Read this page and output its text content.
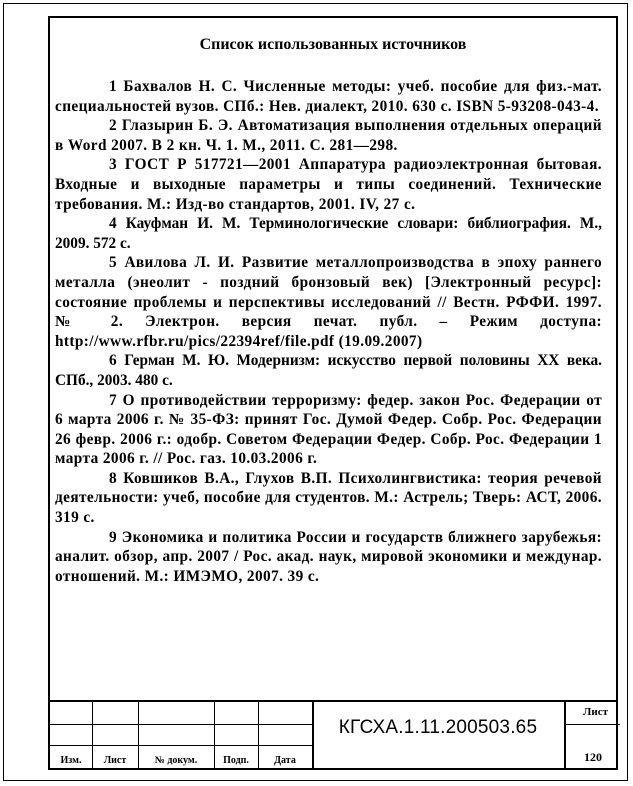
Список использованных источников

1 Бахвалов Н. С. Численные методы: учеб. пособие для физ.-мат. специальностей вузов. СПб.: Нев. диалект, 2010. 630 с. ISBN 5-93208-043-4.

2 Глазырин Б. Э. Автоматизация выполнения отдельных операций в Word 2007. В 2 кн. Ч. 1. М., 2011. С. 281—298.

3 ГОСТ Р 517721—2001 Аппаратура радиоэлектронная бытовая. Входные и выходные параметры и типы соединений. Технические требования. М.: Изд-во стандартов, 2001. IV, 27 с.

4 Кауфман И. М. Терминологические словари: библиография. М., 2009. 572 с.

5 Авилова Л. И. Развитие металлопроизводства в эпоху раннего металла (энеолит - поздний бронзовый век) [Электронный ресурс]: состояние проблемы и перспективы исследований // Вестн. РФФИ. 1997. № 2. Электрон. версия печат. публ. – Режим доступа: http://www.rfbr.ru/pics/22394ref/file.pdf (19.09.2007)

6 Герман М. Ю. Модернизм: искусство первой половины XX века. СПб., 2003. 480 с.

7 О противодействии терроризму: федер. закон Рос. Федерации от 6 марта 2006 г. № 35-ФЗ: принят Гос. Думой Федер. Собр. Рос. Федерации 26 февр. 2006 г.: одобр. Советом Федерации Федер. Собр. Рос. Федерации 1 марта 2006 г. // Рос. газ. 10.03.2006 г.

8 Ковшиков В.А., Глухов В.П. Психолингвистика: теория речевой деятельности: учеб, пособие для студентов. М.: Астрель; Тверь: АСТ, 2006. 319 с.

9 Экономика и политика России и государств ближнего зарубежья: аналит. обзор, апр. 2007 / Рос. акад. наук, мировой экономики и междунар. отношений. М.: ИМЭМО, 2007. 39 с.

Изм.	Лист	№ докум.	Подп.	Дата
КГСХА.1.11.200503.65
Лист
120
